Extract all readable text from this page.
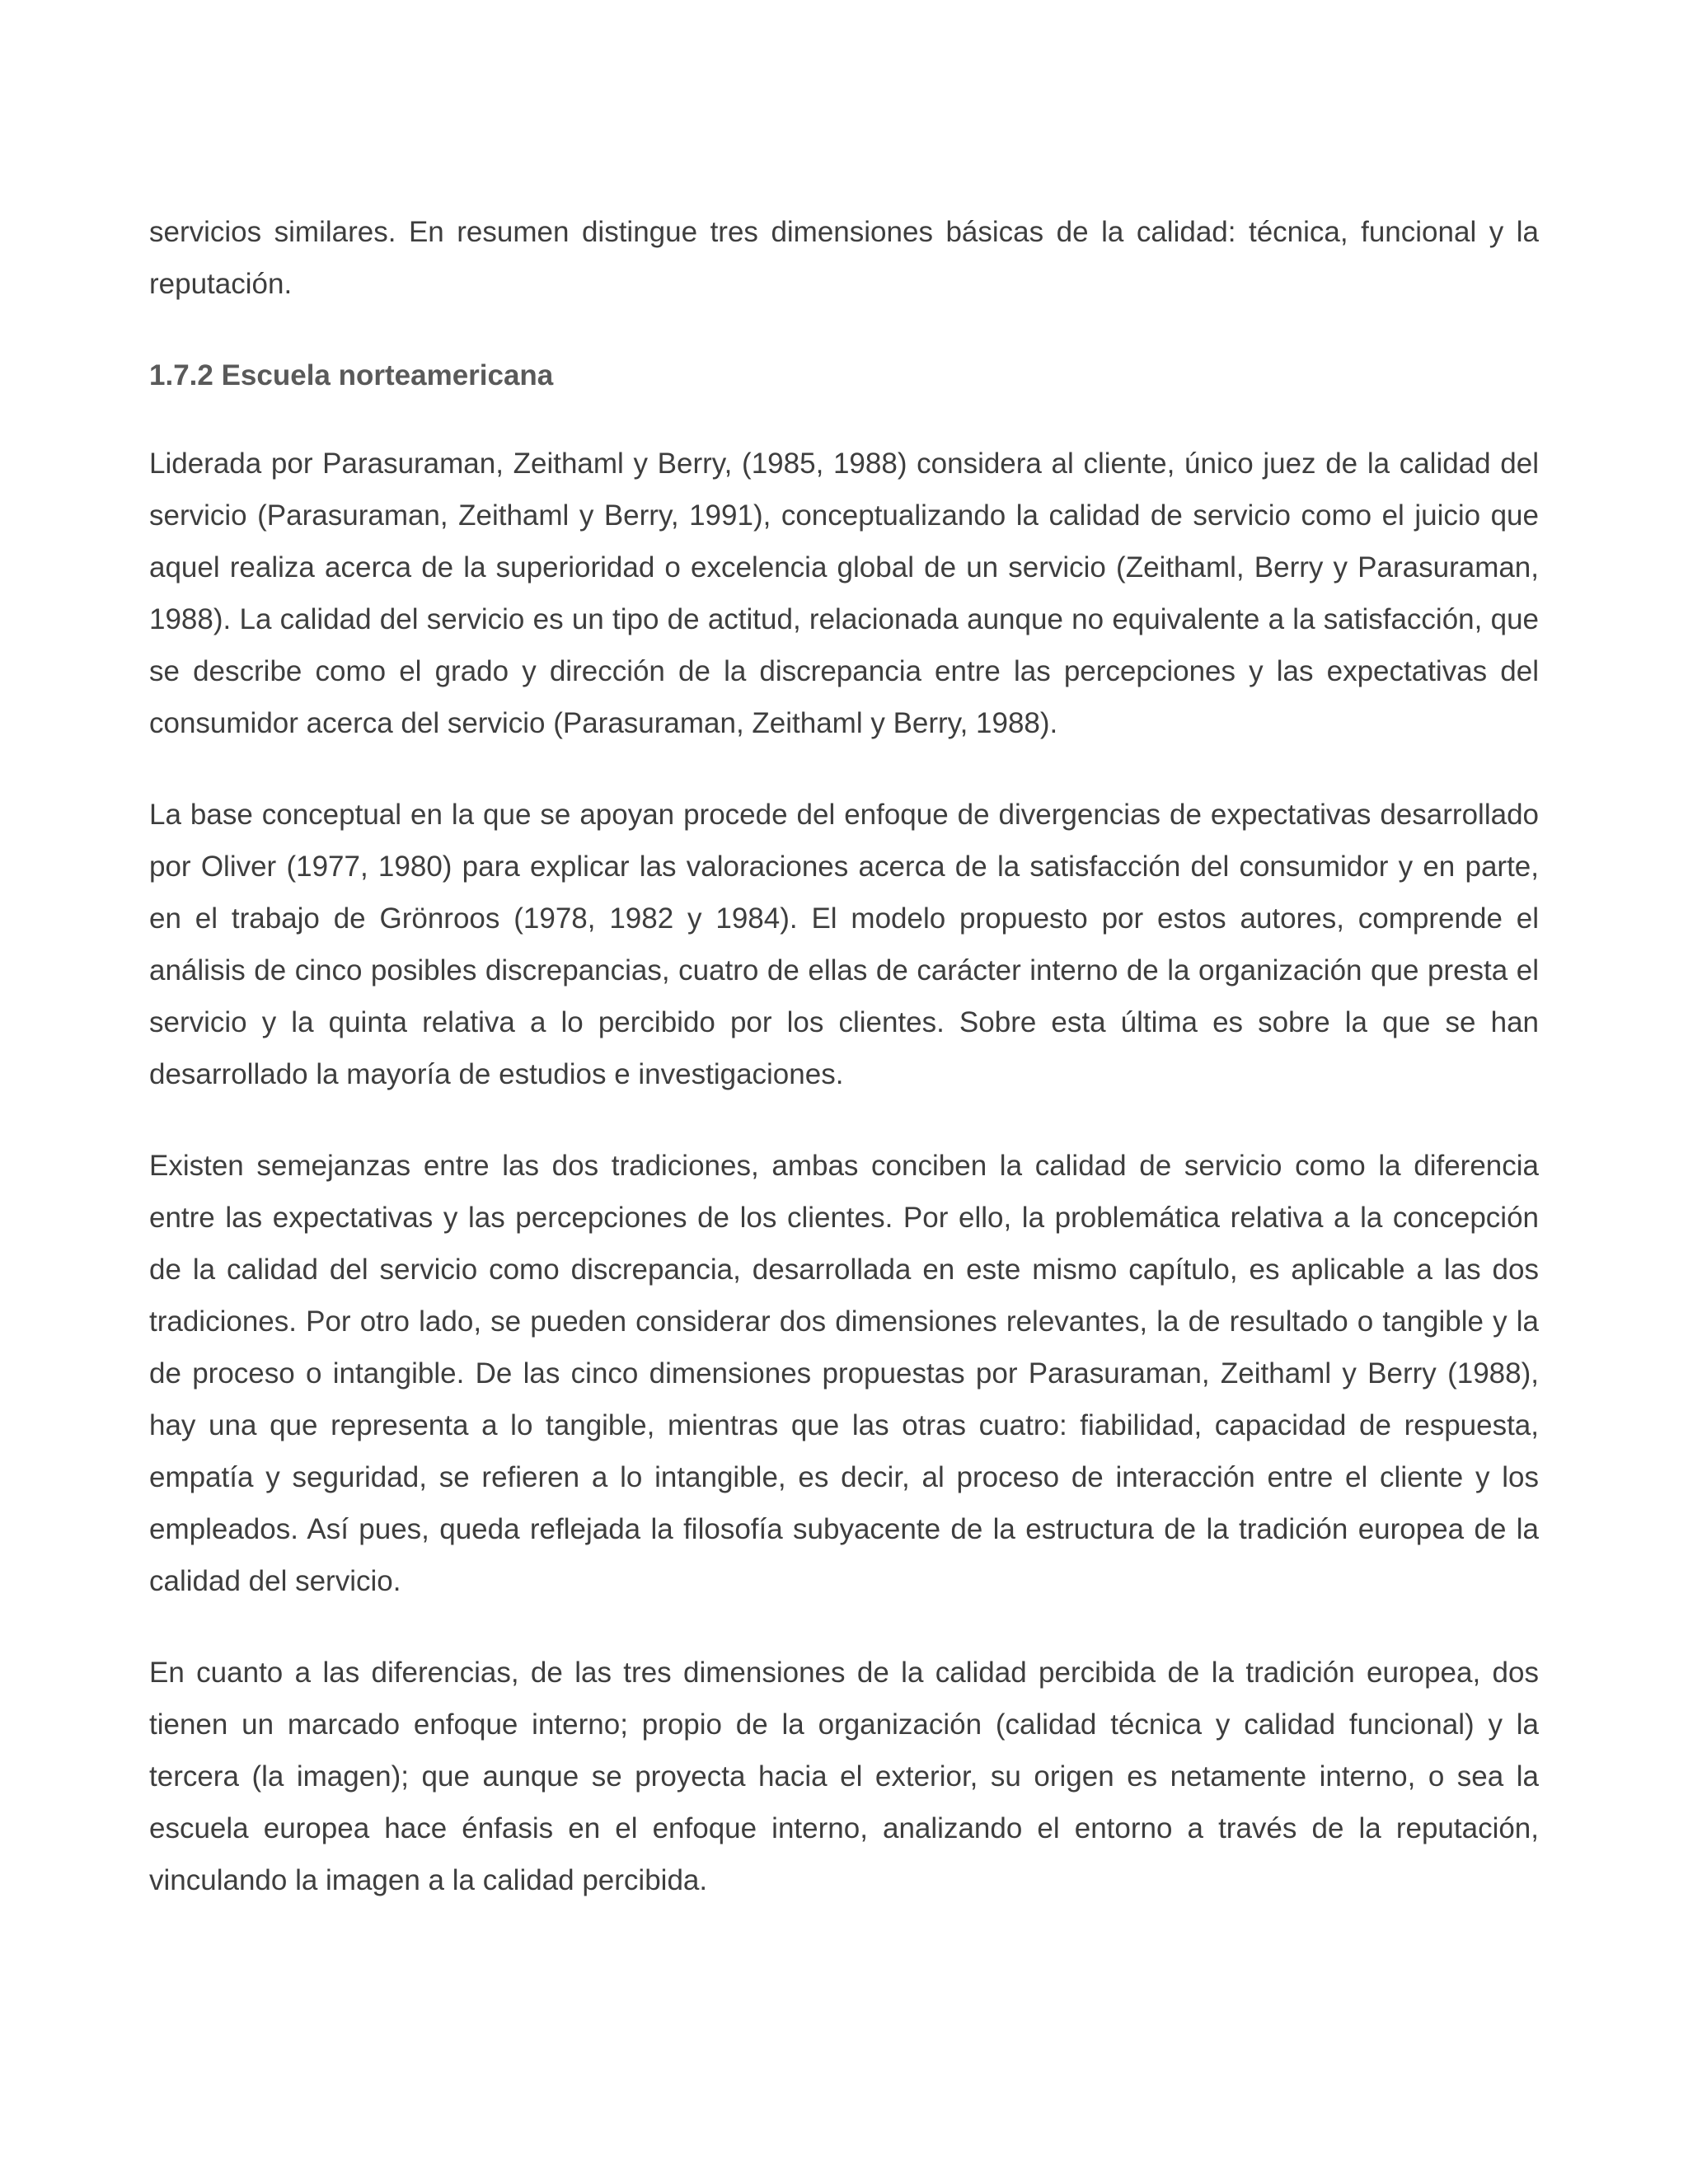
servicios similares. En resumen distingue tres dimensiones básicas de la calidad: técnica, funcional y la reputación.

1.7.2 Escuela norteamericana

Liderada por Parasuraman, Zeithaml y Berry, (1985, 1988) considera al cliente, único juez de la calidad del servicio (Parasuraman, Zeithaml y Berry, 1991), conceptualizando la calidad de servicio como el juicio que aquel realiza acerca de la superioridad o excelencia global de un servicio (Zeithaml, Berry y Parasuraman, 1988). La calidad del servicio es un tipo de actitud, relacionada aunque no equivalente a la satisfacción, que se describe como el grado y dirección de la discrepancia entre las percepciones y las expectativas del consumidor acerca del servicio (Parasuraman, Zeithaml y Berry, 1988).

La base conceptual en la que se apoyan procede del enfoque de divergencias de expectativas desarrollado por Oliver (1977, 1980) para explicar las valoraciones acerca de la satisfacción del consumidor y en parte, en el trabajo de Grönroos (1978, 1982 y 1984). El modelo propuesto por estos autores, comprende el análisis de cinco posibles discrepancias, cuatro de ellas de carácter interno de la organización que presta el servicio y la quinta relativa a lo percibido por los clientes. Sobre esta última es sobre la que se han desarrollado la mayoría de estudios e investigaciones.

Existen semejanzas entre las dos tradiciones, ambas conciben la calidad de servicio como la diferencia entre las expectativas y las percepciones de los clientes. Por ello, la problemática relativa a la concepción de la calidad del servicio como discrepancia, desarrollada en este mismo capítulo, es aplicable a las dos tradiciones. Por otro lado, se pueden considerar dos dimensiones relevantes, la de resultado o tangible y la de proceso o intangible. De las cinco dimensiones propuestas por Parasuraman, Zeithaml y Berry (1988), hay una que representa a lo tangible, mientras que las otras cuatro: fiabilidad, capacidad de respuesta, empatía y seguridad, se refieren a lo intangible, es decir, al proceso de interacción entre el cliente y los empleados. Así pues, queda reflejada la filosofía subyacente de la estructura de la tradición europea de la calidad del servicio.

En cuanto a las diferencias, de las tres dimensiones de la calidad percibida de la tradición europea, dos tienen un marcado enfoque interno; propio de la organización (calidad técnica y calidad funcional) y la tercera (la imagen); que aunque se proyecta hacia el exterior, su origen es netamente interno, o sea la escuela europea hace énfasis en el enfoque interno, analizando el entorno a través de la reputación, vinculando la imagen a la calidad percibida.
